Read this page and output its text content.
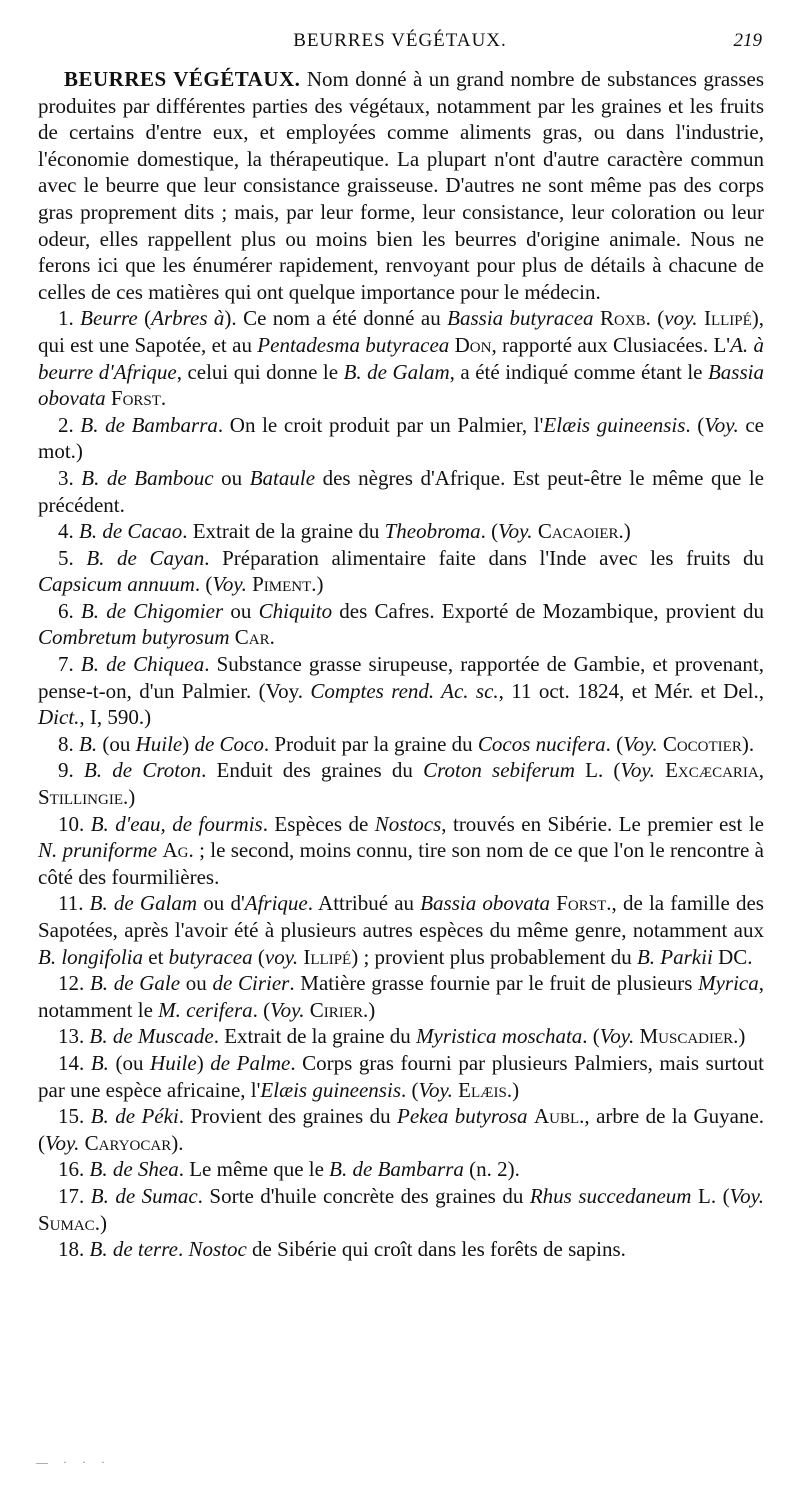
BEURRES VÉGÉTAUX.	219

BEURRES VÉGÉTAUX. Nom donné à un grand nombre de substances grasses produites par différentes parties des végétaux, notamment par les graines et les fruits de certains d'entre eux, et employées comme aliments gras, ou dans l'industrie, l'économie domestique, la thérapeutique. La plupart n'ont d'autre caractère commun avec le beurre que leur consistance graisseuse. D'autres ne sont même pas des corps gras proprement dits ; mais, par leur forme, leur consistance, leur coloration ou leur odeur, elles rappellent plus ou moins bien les beurres d'origine animale. Nous ne ferons ici que les énumérer rapidement, renvoyant pour plus de détails à chacune de celles de ces matières qui ont quelque importance pour le médecin.

1. Beurre (Arbres à). Ce nom a été donné au Bassia butyracea Roxb. (voy. Illipé), qui est une Sapotée, et au Pentadesma butyracea Don, rapporté aux Clusiacées. L'A. à beurre d'Afrique, celui qui donne le B. de Galam, a été indiqué comme étant le Bassia obovata Forst.

2. B. de Bambarra. On le croit produit par un Palmier, l'Elæis guineensis. (Voy. ce mot.)

3. B. de Bambouc ou Bataule des nègres d'Afrique. Est peut-être le même que le précédent.

4. B. de Cacao. Extrait de la graine du Theobroma. (Voy. Cacaoier.)

5. B. de Cayan. Préparation alimentaire faite dans l'Inde avec les fruits du Capsicum annuum. (Voy. Piment.)

6. B. de Chigomier ou Chiquito des Cafres. Exporté de Mozambique, provient du Combretum butyrosum Car.

7. B. de Chiquea. Substance grasse sirupeuse, rapportée de Gambie, et provenant, pense-t-on, d'un Palmier. (Voy. Comptes rend. Ac. sc., 11 oct. 1824, et Mér. et Del., Dict., I, 590.)

8. B. (ou Huile) de Coco. Produit par la graine du Cocos nucifera. (Voy. Cocotier).

9. B. de Croton. Enduit des graines du Croton sebiferum L. (Voy. Excæcaria, Stillingie.)

10. B. d'eau, de fourmis. Espèces de Nostocs, trouvés en Sibérie. Le premier est le N. pruniforme Ag. ; le second, moins connu, tire son nom de ce que l'on le rencontre à côté des fourmilières.

11. B. de Galam ou d'Afrique. Attribué au Bassia obovata Forst., de la famille des Sapotées, après l'avoir été à plusieurs autres espèces du même genre, notamment aux B. longifolia et butyracea (voy. Illipé) ; provient plus probablement du B. Parkii DC.

12. B. de Gale ou de Cirier. Matière grasse fournie par le fruit de plusieurs Myrica, notamment le M. cerifera. (Voy. Cirier.)

13. B. de Muscade. Extrait de la graine du Myristica moschata. (Voy. Muscadier.)

14. B. (ou Huile) de Palme. Corps gras fourni par plusieurs Palmiers, mais surtout par une espèce africaine, l'Elæis guineensis. (Voy. Elæis.)

15. B. de Péki. Provient des graines du Pekea butyrosa Aubl., arbre de la Guyane. (Voy. Caryocar).

16. B. de Shea. Le même que le B. de Bambarra (n. 2).

17. B. de Sumac. Sorte d'huile concrète des graines du Rhus succedaneum L. (Voy. Sumac.)

18. B. de terre. Nostoc de Sibérie qui croît dans les forêts de sapins.

— · · ·
